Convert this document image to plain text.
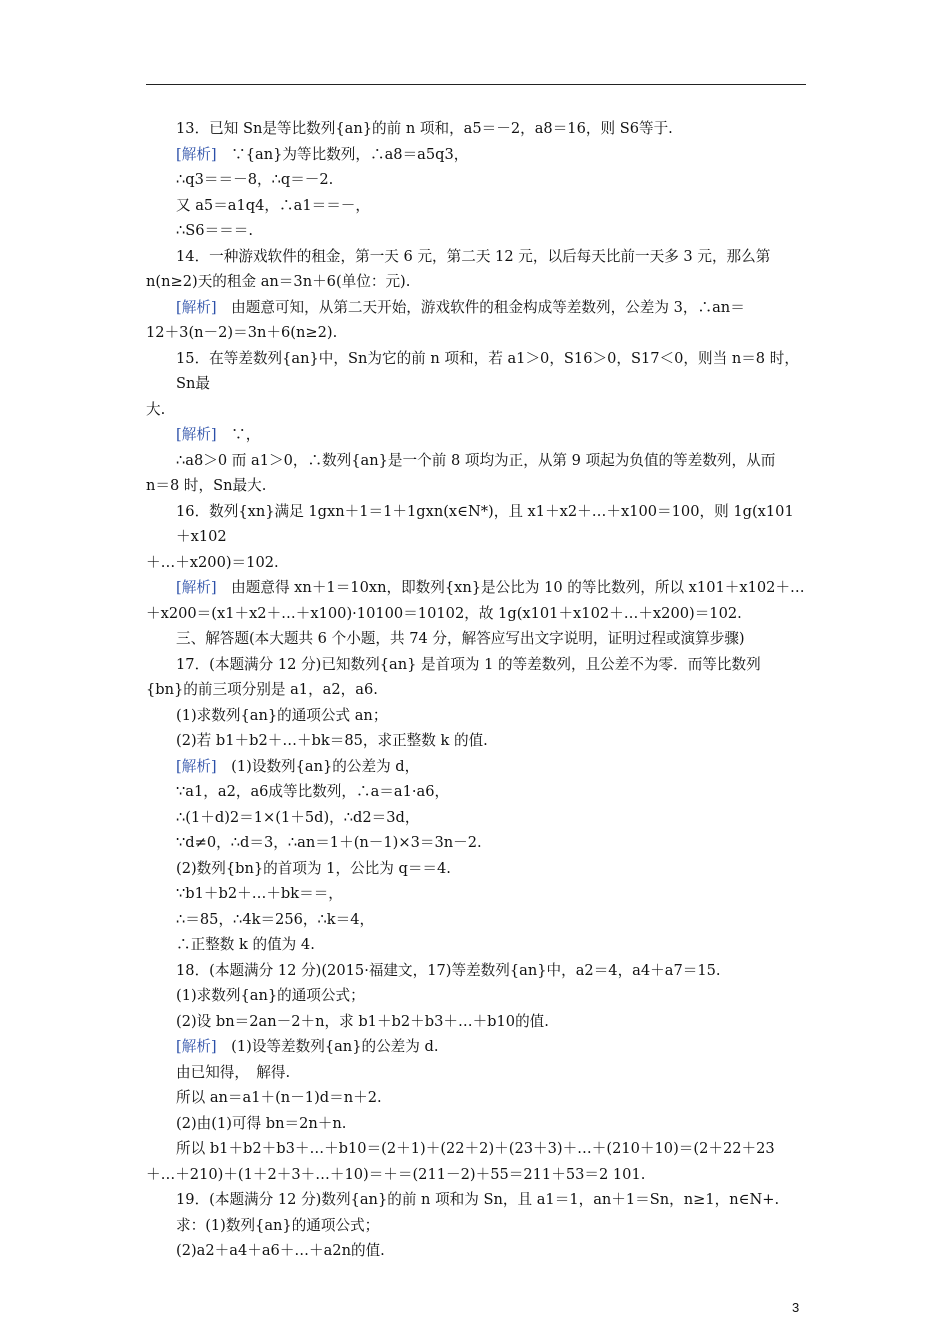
13．已知 Sn是等比数列{an}的前 n 项和，a5＝－2，a8＝16，则 S6等于.

[解析]　∵{an}为等比数列，∴a8＝a5q3，

∴q3＝＝－8，∴q＝－2.

又 a5＝a1q4，∴a1＝＝－，

∴S6＝＝＝.

14．一种游戏软件的租金，第一天 6 元，第二天 12 元，以后每天比前一天多 3 元，那么第

n(n≥2)天的租金 an＝3n＋6(单位：元).

[解析]　由题意可知，从第二天开始，游戏软件的租金构成等差数列，公差为 3，∴an＝

12＋3(n－2)＝3n＋6(n≥2).

15．在等差数列{an}中，Sn为它的前 n 项和，若 a1＞0，S16＞0，S17＜0，则当 n＝8 时，Sn最

大.

[解析]　∵，

∴a8＞0 而 a1＞0，∴数列{an}是一个前 8 项均为正，从第 9 项起为负值的等差数列，从而

n＝8 时，Sn最大.

16．数列{xn}满足 1gxn＋1＝1＋1gxn(x∈N*)，且 x1＋x2＋…＋x100＝100，则 1g(x101＋x102

＋…＋x200)＝102.

[解析]　由题意得 xn＋1＝10xn，即数列{xn}是公比为 10 的等比数列，所以 x101＋x102＋…

＋x200＝(x1＋x2＋…＋x100)·10100＝10102，故 1g(x101＋x102＋…＋x200)＝102.

三、解答题(本大题共 6 个小题，共 74 分，解答应写出文字说明，证明过程或演算步骤)

17．(本题满分 12 分)已知数列{an} 是首项为 1 的等差数列，且公差不为零．而等比数列

{bn}的前三项分别是 a1，a2，a6.

(1)求数列{an}的通项公式 an；

(2)若 b1＋b2＋…＋bk＝85，求正整数 k 的值.

[解析]　(1)设数列{an}的公差为 d，

∵a1，a2，a6成等比数列，∴a＝a1·a6，

∴(1＋d)2＝1×(1＋5d)，∴d2＝3d，

∵d≠0，∴d＝3，∴an＝1＋(n－1)×3＝3n－2.

(2)数列{bn}的首项为 1，公比为 q＝＝4.

∵b1＋b2＋…＋bk＝＝，

∴＝85，∴4k＝256，∴k＝4，

∴正整数 k 的值为 4.

18．(本题满分 12 分)(2015·福建文，17)等差数列{an}中，a2＝4，a4＋a7＝15.

(1)求数列{an}的通项公式；

(2)设 bn＝2an－2＋n，求 b1＋b2＋b3＋…＋b10的值.

[解析]　(1)设等差数列{an}的公差为 d.

由已知得，　解得.

所以 an＝a1＋(n－1)d＝n＋2.

(2)由(1)可得 bn＝2n＋n.

所以 b1＋b2＋b3＋…＋b10＝(2＋1)＋(22＋2)＋(23＋3)＋…＋(210＋10)＝(2＋22＋23

＋…＋210)＋(1＋2＋3＋…＋10)＝＋＝(211－2)＋55＝211＋53＝2 101.

19．(本题满分 12 分)数列{an}的前 n 项和为 Sn，且 a1＝1，an＋1＝Sn，n≥1，n∈N+.

求：(1)数列{an}的通项公式；

(2)a2＋a4＋a6＋…＋a2n的值.

3
